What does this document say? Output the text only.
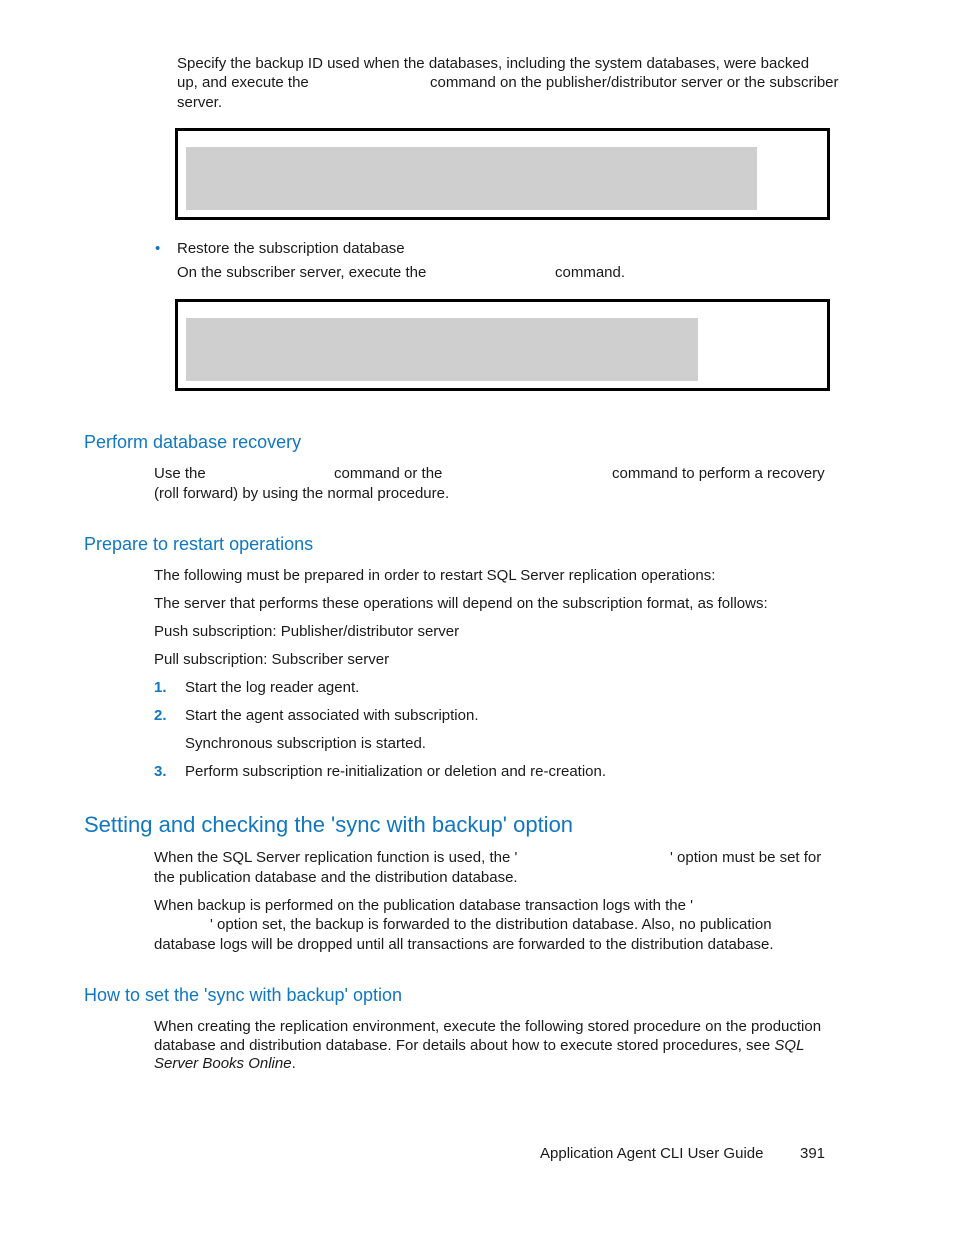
Specify the backup ID used when the databases, including the system databases, were backed
up, and execute the	command on the publisher/distributor server or the subscriber
server.
• Restore the subscription database
On the subscriber server, execute the	command.
Perform database recovery
Use the	command or the	command to perform a recovery
(roll forward) by using the normal procedure.
Prepare to restart operations
The following must be prepared in order to restart SQL Server replication operations:
The server that performs these operations will depend on the subscription format, as follows:
Push subscription: Publisher/distributor server
Pull subscription: Subscriber server
1. Start the log reader agent.
2. Start the agent associated with subscription.
Synchronous subscription is started.
3. Perform subscription re-initialization or deletion and re-creation.
Setting and checking the 'sync with backup' option
When the SQL Server replication function is used, the '	' option must be set for
the publication database and the distribution database.
When backup is performed on the publication database transaction logs with the '
' option set, the backup is forwarded to the distribution database. Also, no publication
database logs will be dropped until all transactions are forwarded to the distribution database.
How to set the 'sync with backup' option
When creating the replication environment, execute the following stored procedure on the production
database and distribution database. For details about how to execute stored procedures, see SQL
Server Books Online.
Application Agent CLI User Guide 391
